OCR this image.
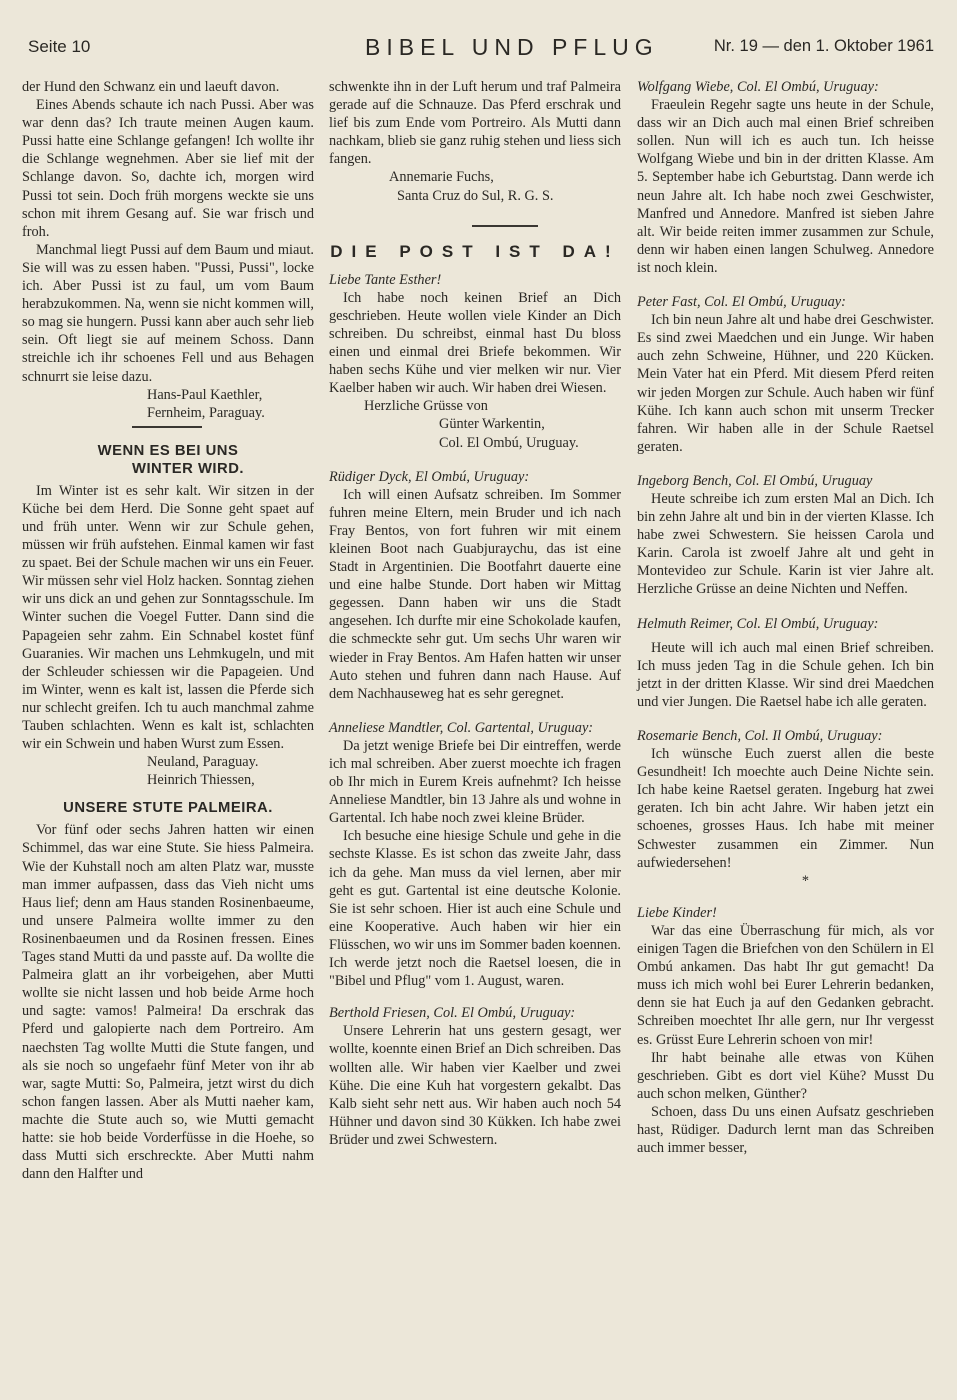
Seite 10	BIBEL UND PFLUG	Nr. 19 — den 1. Oktober 1961

der Hund den Schwanz ein und laeuft davon.

Eines Abends schaute ich nach Pussi. Aber was war denn das? Ich traute meinen Augen kaum. Pussi hatte eine Schlange gefangen! Ich wollte ihr die Schlange wegnehmen. Aber sie lief mit der Schlange davon. So, dachte ich, morgen wird Pussi tot sein. Doch früh morgens weckte sie uns schon mit ihrem Gesang auf. Sie war frisch und froh.

Manchmal liegt Pussi auf dem Baum und miaut. Sie will was zu essen haben. "Pussi, Pussi", locke ich. Aber Pussi ist zu faul, um vom Baum herabzukommen. Na, wenn sie nicht kommen will, so mag sie hungern. Pussi kann aber auch sehr lieb sein. Oft liegt sie auf meinem Schoss. Dann streichle ich ihr schoenes Fell und aus Behagen schnurrt sie leise dazu.

Hans-Paul Kaethler,

Fernheim, Paraguay.

WENN ES BEI UNS

WINTER WIRD.

Im Winter ist es sehr kalt. Wir sitzen in der Küche bei dem Herd. Die Sonne geht spaet auf und früh unter. Wenn wir zur Schule gehen, müssen wir früh aufstehen. Einmal kamen wir fast zu spaet. Bei der Schule machen wir uns ein Feuer. Wir müssen sehr viel Holz hacken. Sonntag ziehen wir uns dick an und gehen zur Sonntagsschule. Im Winter suchen die Voegel Futter. Dann sind die Papageien sehr zahm. Ein Schnabel kostet fünf Guaranies. Wir machen uns Lehmkugeln, und mit der Schleuder schiessen wir die Papageien. Und im Winter, wenn es kalt ist, lassen die Pferde sich nur schlecht greifen. Ich tu auch manchmal zahme Tauben schlachten. Wenn es kalt ist, schlachten wir ein Schwein und haben Wurst zum Essen.

Neuland, Paraguay.

Heinrich Thiessen,

UNSERE STUTE PALMEIRA.

Vor fünf oder sechs Jahren hatten wir einen Schimmel, das war eine Stute. Sie hiess Palmeira. Wie der Kuhstall noch am alten Platz war, musste man immer aufpassen, dass das Vieh nicht ums Haus lief; denn am Haus standen Rosinenbaeume, und unsere Palmeira wollte immer zu den Rosinenbaeumen und da Rosinen fressen. Eines Tages stand Mutti da und passte auf. Da wollte die Palmeira glatt an ihr vorbeigehen, aber Mutti wollte sie nicht lassen und hob beide Arme hoch und sagte: vamos! Palmeira! Da erschrak das Pferd und galopierte nach dem Portreiro. Am naechsten Tag wollte Mutti die Stute fangen, und als sie noch so ungefaehr fünf Meter von ihr ab war, sagte Mutti: So, Palmeira, jetzt wirst du dich schon fangen lassen. Aber als Mutti naeher kam, machte die Stute auch so, wie Mutti gemacht hatte: sie hob beide Vorderfüsse in die Hoehe, so dass Mutti sich erschreckte. Aber Mutti nahm dann den Halfter und

schwenkte ihn in der Luft herum und traf Palmeira gerade auf die Schnauze. Das Pferd erschrak und lief bis zum Ende vom Portreiro. Als Mutti dann nachkam, blieb sie ganz ruhig stehen und liess sich fangen.

Annemarie Fuchs,

Santa Cruz do Sul, R. G. S.

DIE POST IST DA!

Liebe Tante Esther!

Ich habe noch keinen Brief an Dich geschrieben. Heute wollen viele Kinder an Dich schreiben. Du schreibst, einmal hast Du bloss einen und einmal drei Briefe bekommen. Wir haben sechs Kühe und vier melken wir nur. Vier Kaelber haben wir auch. Wir haben drei Wiesen.

Herzliche Grüsse von

Günter Warkentin,

Col. El Ombú, Uruguay.

Rüdiger Dyck, El Ombú, Uruguay:

Ich will einen Aufsatz schreiben. Im Sommer fuhren meine Eltern, mein Bruder und ich nach Fray Bentos, von fort fuhren wir mit einem kleinen Boot nach Guabjuraychu, das ist eine Stadt in Argentinien. Die Bootfahrt dauerte eine und eine halbe Stunde. Dort haben wir Mittag gegessen. Dann haben wir uns die Stadt angesehen. Ich durfte mir eine Schokolade kaufen, die schmeckte sehr gut. Um sechs Uhr waren wir wieder in Fray Bentos. Am Hafen hatten wir unser Auto stehen und fuhren dann nach Hause. Auf dem Nachhauseweg hat es sehr geregnet.

Anneliese Mandtler, Col. Gartental, Uruguay:

Da jetzt wenige Briefe bei Dir eintreffen, werde ich mal schreiben. Aber zuerst moechte ich fragen ob Ihr mich in Eurem Kreis aufnehmt? Ich heisse Anneliese Mandtler, bin 13 Jahre als und wohne in Gartental. Ich habe noch zwei kleine Brüder.

Ich besuche eine hiesige Schule und gehe in die sechste Klasse. Es ist schon das zweite Jahr, dass ich da gehe. Man muss da viel lernen, aber mir geht es gut. Gartental ist eine deutsche Kolonie. Sie ist sehr schoen. Hier ist auch eine Schule und eine Kooperative. Auch haben wir hier ein Flüsschen, wo wir uns im Sommer baden koennen. Ich werde jetzt noch die Raetsel loesen, die in "Bibel und Pflug" vom 1. August, waren.

Berthold Friesen, Col. El Ombú, Uruguay:

Unsere Lehrerin hat uns gestern gesagt, wer wollte, koennte einen Brief an Dich schreiben. Das wollten alle. Wir haben vier Kaelber und zwei Kühe. Die eine Kuh hat vorgestern gekalbt. Das Kalb sieht sehr nett aus. Wir haben auch noch 54 Hühner und davon sind 30 Kükken. Ich habe zwei Brüder und zwei Schwestern.

Wolfgang Wiebe, Col. El Ombú, Uruguay:

Fraeulein Regehr sagte uns heute in der Schule, dass wir an Dich auch mal einen Brief schreiben sollen. Nun will ich es auch tun. Ich heisse Wolfgang Wiebe und bin in der dritten Klasse. Am 5. September habe ich Geburtstag. Dann werde ich neun Jahre alt. Ich habe noch zwei Geschwister, Manfred und Annedore. Manfred ist sieben Jahre alt. Wir beide reiten immer zusammen zur Schule, denn wir haben einen langen Schulweg. Annedore ist noch klein.

Peter Fast, Col. El Ombú, Uruguay:

Ich bin neun Jahre alt und habe drei Geschwister. Es sind zwei Maedchen und ein Junge. Wir haben auch zehn Schweine, Hühner, und 220 Kücken. Mein Vater hat ein Pferd. Mit diesem Pferd reiten wir jeden Morgen zur Schule. Auch haben wir fünf Kühe. Ich kann auch schon mit unserm Trecker fahren. Wir haben alle in der Schule Raetsel geraten.

Ingeborg Bench, Col. El Ombú, Uruguay

Heute schreibe ich zum ersten Mal an Dich. Ich bin zehn Jahre alt und bin in der vierten Klasse. Ich habe zwei Schwestern. Sie heissen Carola und Karin. Carola ist zwoelf Jahre alt und geht in Montevideo zur Schule. Karin ist vier Jahre alt. Herzliche Grüsse an deine Nichten und Neffen.

Helmuth Reimer, Col. El Ombú, Uruguay:

Heute will ich auch mal einen Brief schreiben. Ich muss jeden Tag in die Schule gehen. Ich bin jetzt in der dritten Klasse. Wir sind drei Maedchen und vier Jungen. Die Raetsel habe ich alle geraten.

Rosemarie Bench, Col. Il Ombú, Uruguay:

Ich wünsche Euch zuerst allen die beste Gesundheit! Ich moechte auch Deine Nichte sein. Ich habe keine Raetsel geraten. Ingeburg hat zwei geraten. Ich bin acht Jahre. Wir haben jetzt ein schoenes, grosses Haus. Ich habe mit meiner Schwester zusammen ein Zimmer. Nun aufwiedersehen!

*

Liebe Kinder!

War das eine Überraschung für mich, als vor einigen Tagen die Briefchen von den Schülern in El Ombú ankamen. Das habt Ihr gut gemacht! Da muss ich mich wohl bei Eurer Lehrerin bedanken, denn sie hat Euch ja auf den Gedanken gebracht. Schreiben moechtet Ihr alle gern, nur Ihr vergesst es. Grüsst Eure Lehrerin schoen von mir!

Ihr habt beinahe alle etwas von Kühen geschrieben. Gibt es dort viel Kühe? Musst Du auch schon melken, Günther?

Schoen, dass Du uns einen Aufsatz geschrieben hast, Rüdiger. Dadurch lernt man das Schreiben auch immer besser,
